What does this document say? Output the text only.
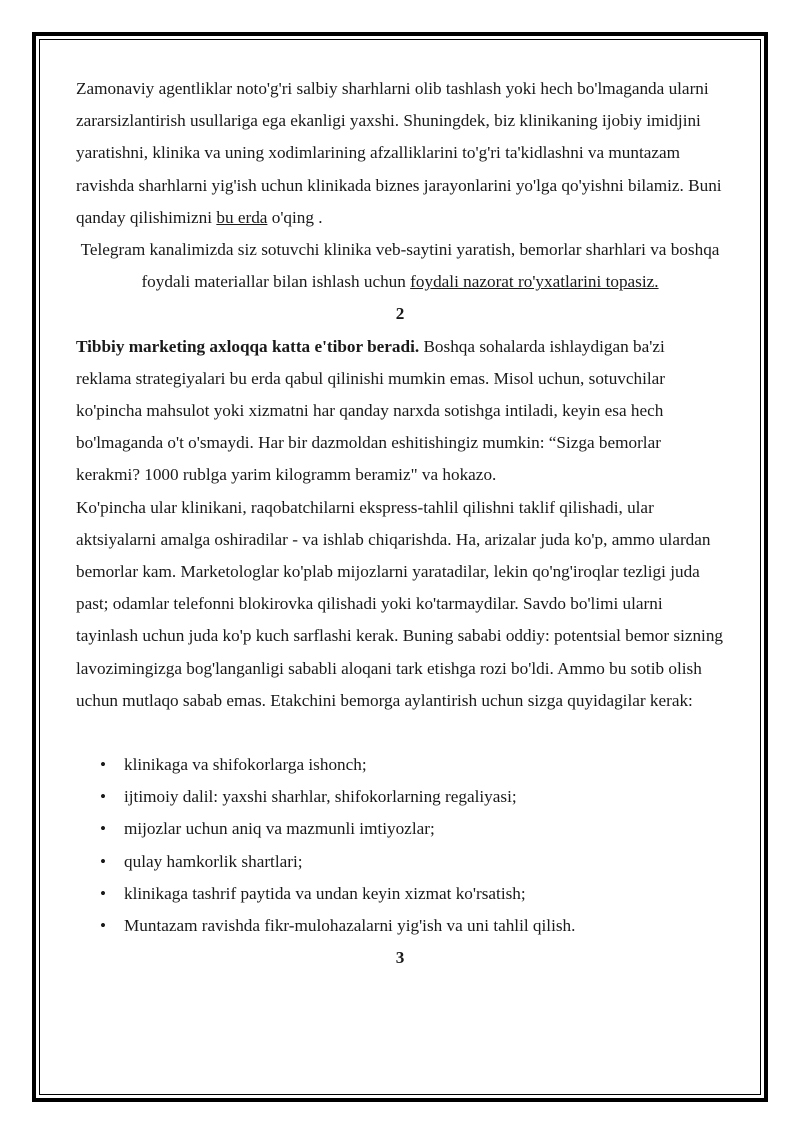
Zamonaviy agentliklar noto'g'ri salbiy sharhlarni olib tashlash yoki hech bo'lmaganda ularni zararsizlantirish usullariga ega ekanligi yaxshi. Shuningdek, biz klinikaning ijobiy imidjini yaratishni, klinika va uning xodimlarining afzalliklarini to'g'ri ta'kidlashni va muntazam ravishda sharhlarni yig'ish uchun klinikada biznes jarayonlarini yo'lga qo'yishni bilamiz. Buni qanday qilishimizni bu erda o'qing .

Telegram kanalimizda siz sotuvchi klinika veb-saytini yaratish, bemorlar sharhlari va boshqa foydali materiallar bilan ishlash uchun foydali nazorat ro'yxatlarini topasiz.

2

Tibbiy marketing axloqqa katta e'tibor beradi. Boshqa sohalarda ishlaydigan ba'zi reklama strategiyalari bu erda qabul qilinishi mumkin emas. Misol uchun, sotuvchilar ko'pincha mahsulot yoki xizmatni har qanday narxda sotishga intiladi, keyin esa hech bo'lmaganda o't o'smaydi. Har bir dazmoldan eshitishingiz mumkin: “Sizga bemorlar kerakmi? 1000 rublga yarim kilogramm beramiz" va hokazo.

Ko'pincha ular klinikani, raqobatchilarni ekspress-tahlil qilishni taklif qilishadi, ular aktsiyalarni amalga oshiradilar - va ishlab chiqarishda. Ha, arizalar juda ko'p, ammo ulardan bemorlar kam. Marketologlar ko'plab mijozlarni yaratadilar, lekin qo'ng'iroqlar tezligi juda past; odamlar telefonni blokirovka qilishadi yoki ko'tarmaydilar. Savdo bo'limi ularni tayinlash uchun juda ko'p kuch sarflashi kerak. Buning sababi oddiy: potentsial bemor sizning lavozimingizga bog'langanligi sababli aloqani tark etishga rozi bo'ldi. Ammo bu sotib olish uchun mutlaqo sabab emas. Etakchini bemorga aylantirish uchun sizga quyidagilar kerak:

• klinikaga va shifokorlarga ishonch;
• ijtimoiy dalil: yaxshi sharhlar, shifokorlarning regaliyasi;
• mijozlar uchun aniq va mazmunli imtiyozlar;
• qulay hamkorlik shartlari;
• klinikaga tashrif paytida va undan keyin xizmat ko'rsatish;
• Muntazam ravishda fikr-mulohazalarni yig'ish va uni tahlil qilish.

3
